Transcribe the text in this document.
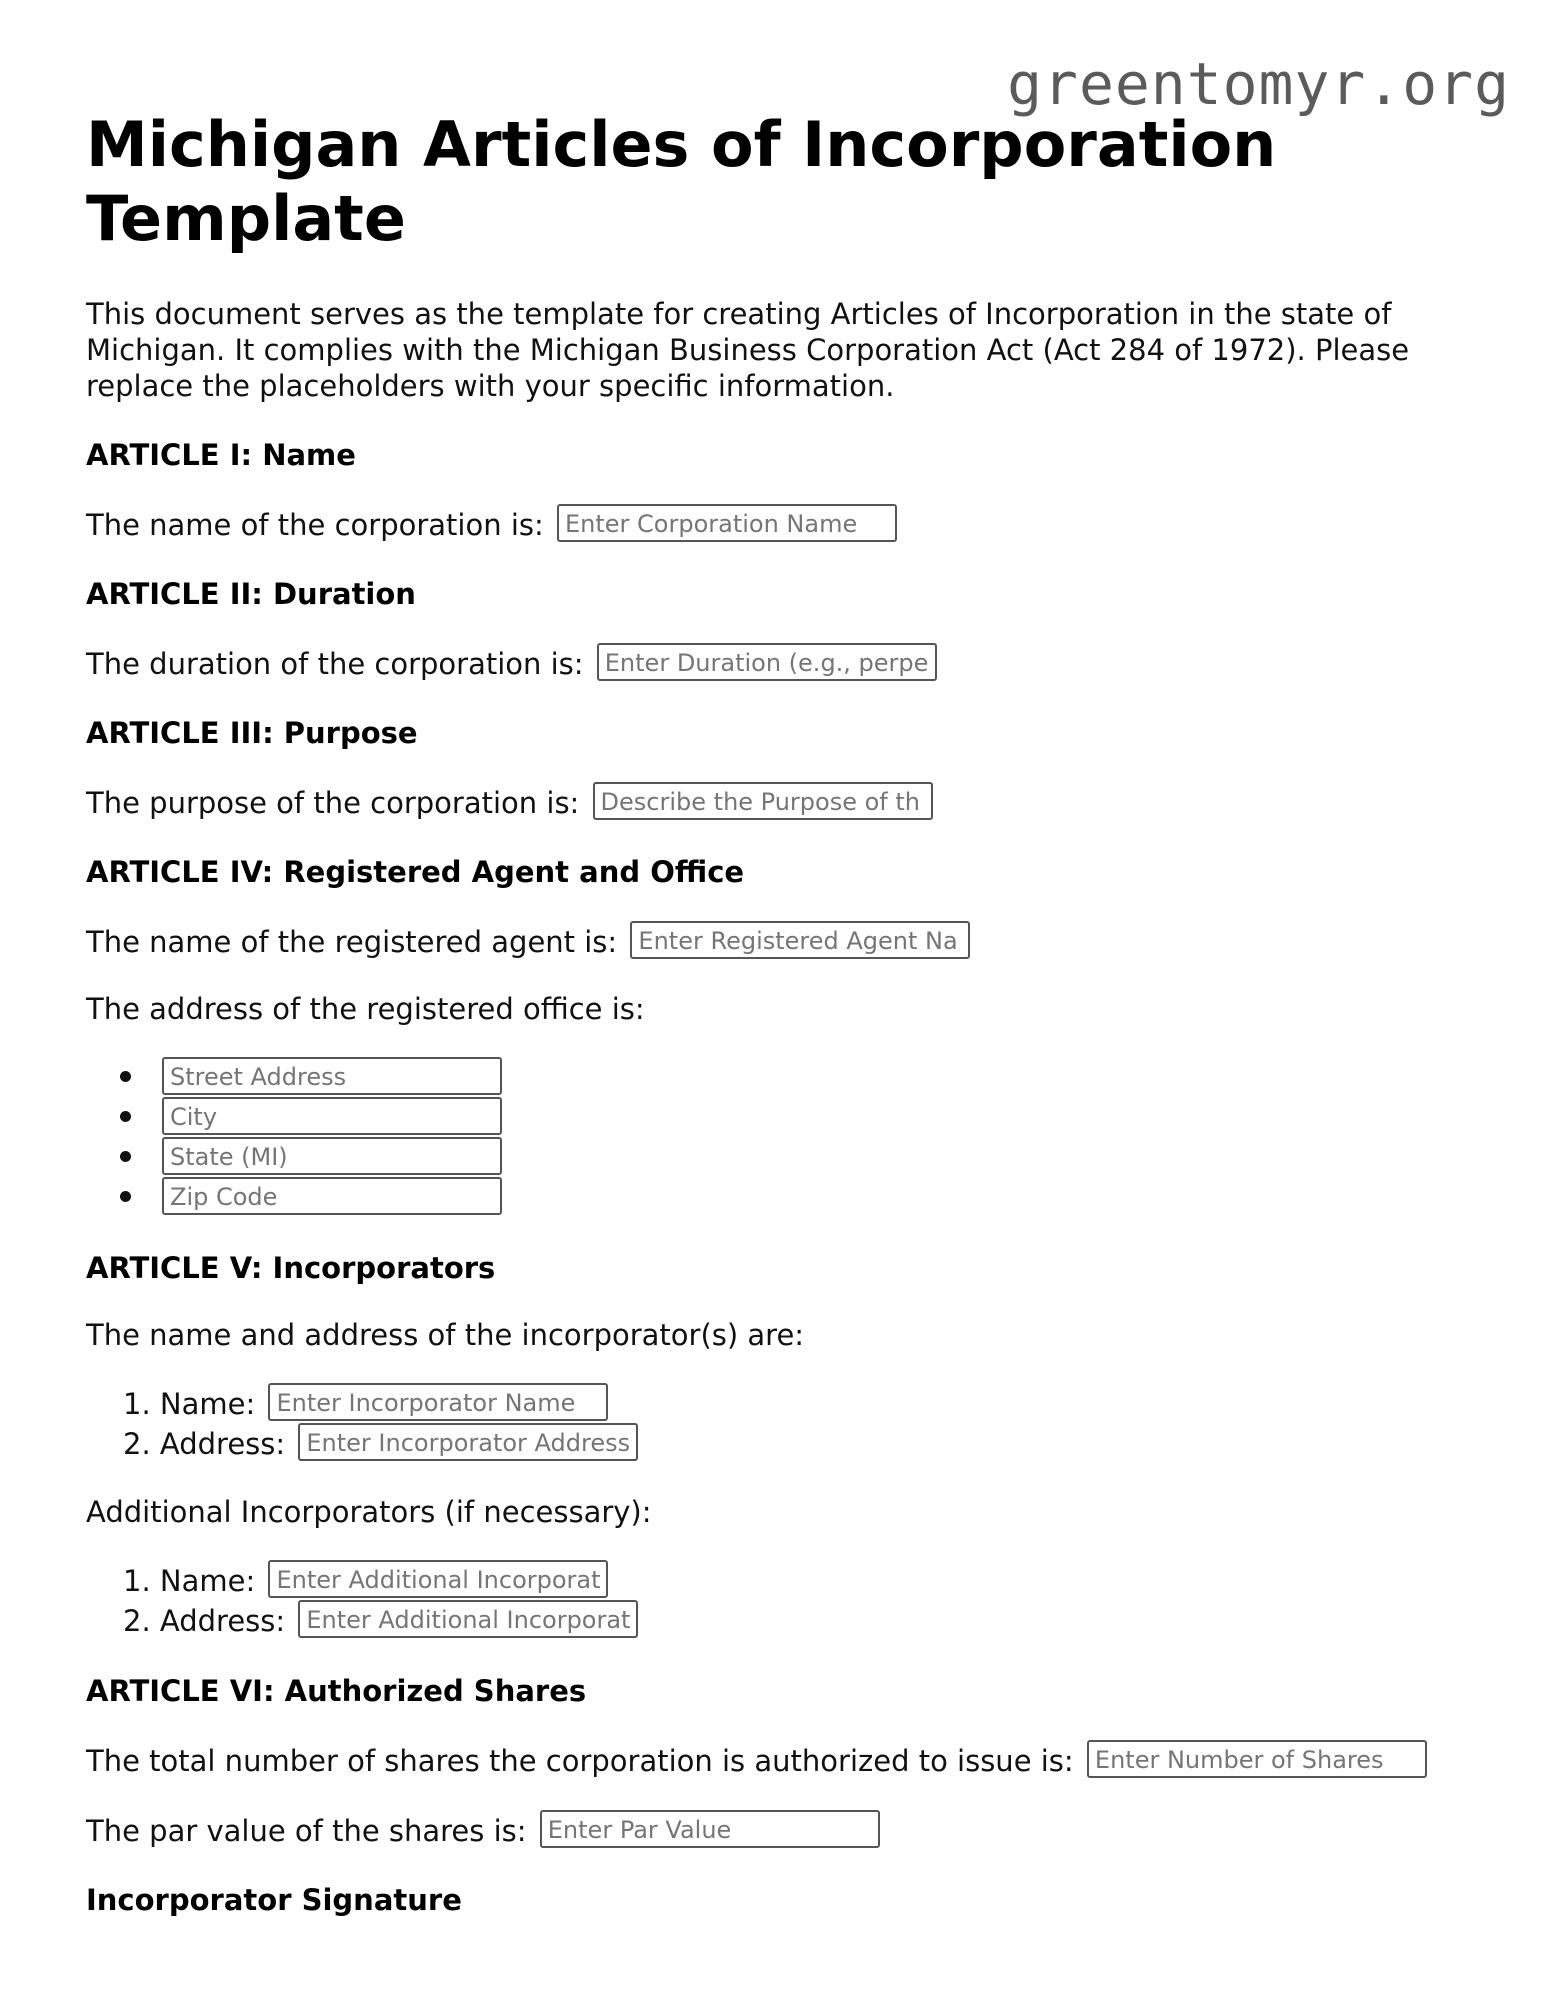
greentomyr.org
Michigan Articles of Incorporation Template

This document serves as the template for creating Articles of Incorporation in the state of Michigan. It complies with the Michigan Business Corporation Act (Act 284 of 1972). Please replace the placeholders with your specific information.

ARTICLE I: Name

The name of the corporation is: Enter Corporation Name

ARTICLE II: Duration

The duration of the corporation is: Enter Duration (e.g., perpe

ARTICLE III: Purpose

The purpose of the corporation is: Describe the Purpose of th

ARTICLE IV: Registered Agent and Office

The name of the registered agent is: Enter Registered Agent Na

The address of the registered office is:

Street Address
City
State (MI)
Zip Code
ARTICLE V: Incorporators

The name and address of the incorporator(s) are:

1. Name: Enter Incorporator Name
2. Address: Enter Incorporator Address

Additional Incorporators (if necessary):

1. Name: Enter Additional Incorporat
2. Address: Enter Additional Incorporat
ARTICLE VI: Authorized Shares

The total number of shares the corporation is authorized to issue is: Enter Number of Shares

The par value of the shares is: Enter Par Value

Incorporator Signature
